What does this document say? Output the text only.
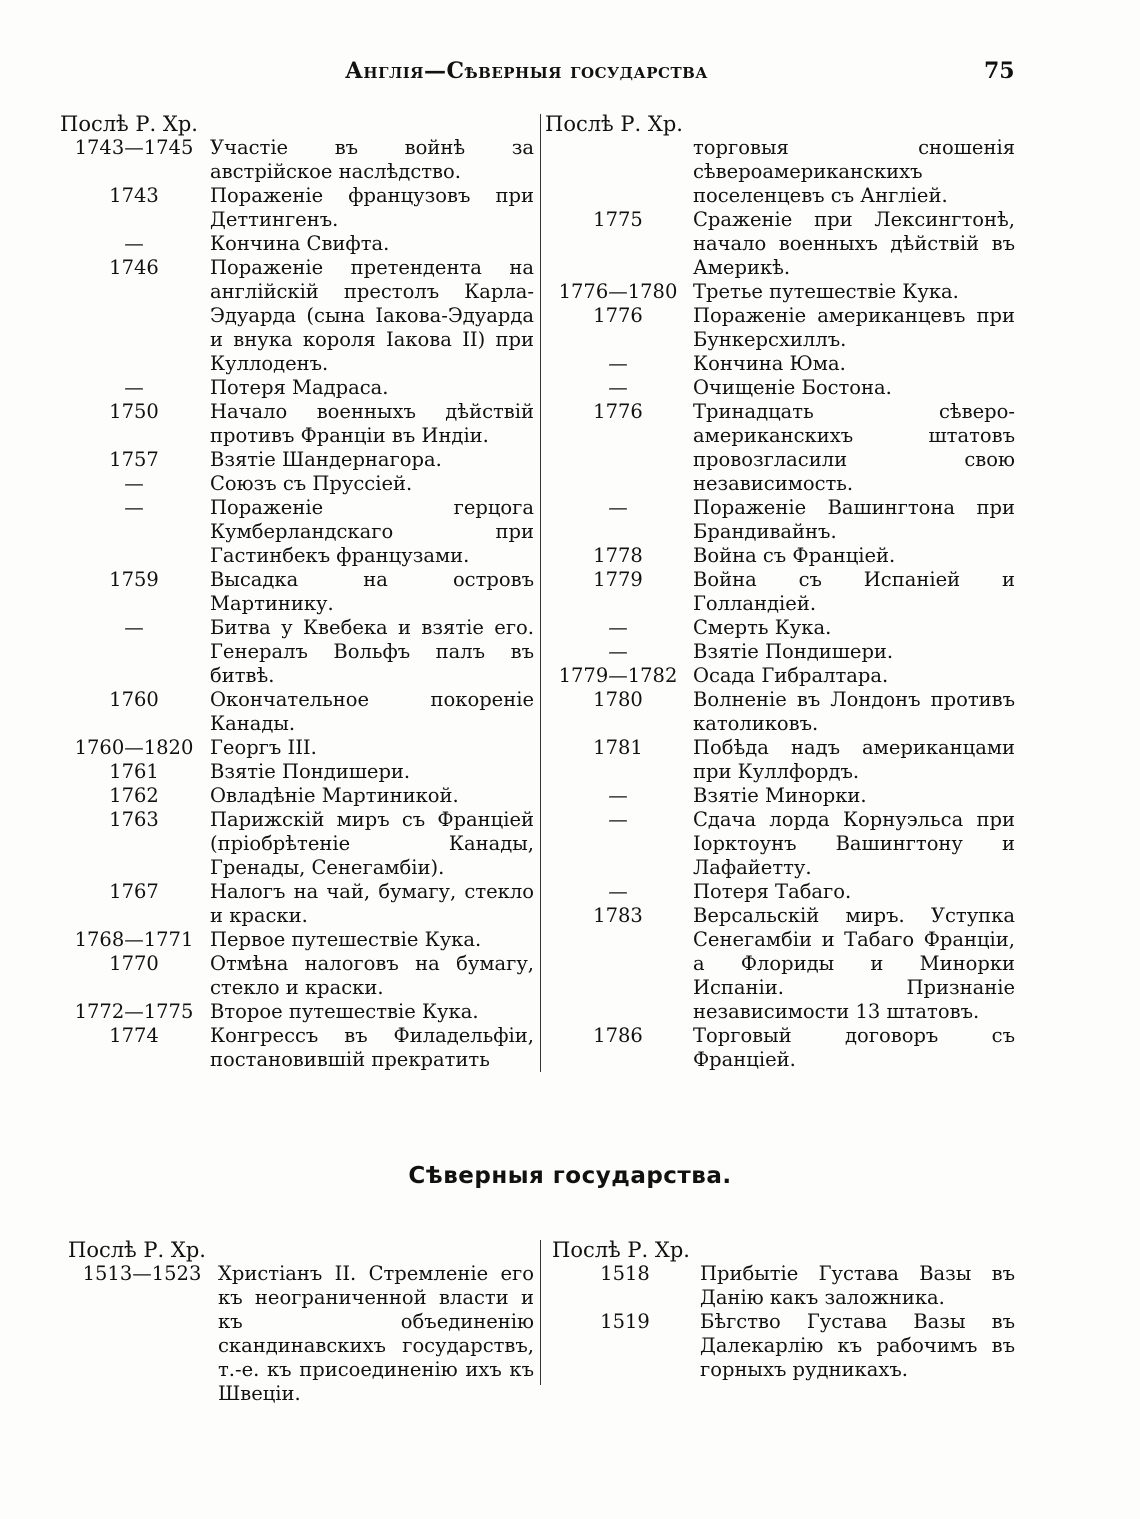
Англія—Сѣверныя государства	75
Послѣ Р. Хр.
1743—1745 Участіе въ войнѣ за австрійское наслѣдство.
1743	Пораженіе французовъ при Деттингенъ.
—	Кончина Свифта.
1746	Пораженіе претендента на англійскій престолъ Карла-Эдуарда (сына Іакова-Эдуарда и внука короля Іакова II) при Куллоденъ.
—	Потеря Мадраса.
1750	Начало военныхъ дѣйствій противъ Франціи въ Индіи.
1757	Взятіе Шандернагора.
—	Союзъ съ Пруссіей.
—	Пораженіе герцога Кумберландскаго при Гастинбекъ французами.
1759	Высадка на островъ Мартинику.
—	Битва у Квебека и взятіе его. Генералъ Вольфъ палъ въ битвѣ.
1760	Окончательное покореніе Канады.
1760—1820 Георгъ III.
1761	Взятіе Пондишери.
1762	Овладѣніе Мартиникой.
1763	Парижскій миръ съ Франціей (пріобрѣтеніе Канады, Гренады, Сенегамбіи).
1767	Налогъ на чай, бумагу, стекло и краски.
1768—1771 Первое путешествіе Кука.
1770	Отмѣна налоговъ на бумагу, стекло и краски.
1772—1775 Второе путешествіе Кука.
1774	Конгрессъ въ Филадельфіи, постановившій прекратить
Послѣ Р. Хр.
торговыя сношенія сѣвероамериканскихъ поселенцевъ съ Англіей.
1775	Сраженіе при Лексингтонѣ, начало военныхъ дѣйствій въ Америкѣ.
1776—1780 Третье путешествіе Кука.
1776	Пораженіе американцевъ при Бункерсхиллъ.
—	Кончина Юма.
—	Очищеніе Бостона.
1776	Тринадцать сѣверо-американскихъ штатовъ провозгласили свою независимость.
—	Пораженіе Вашингтона при Брандивайнъ.
1778	Война съ Франціей.
1779	Война съ Испаніей и Голландіей.
—	Смерть Кука.
—	Взятіе Пондишери.
1779—1782 Осада Гибралтара.
1780	Волненіе въ Лондонъ противъ католиковъ.
1781	Побѣда надъ американцами при Куллфордъ.
—	Взятіе Минорки.
—	Сдача лорда Корнуэльса при Іорктоунъ Вашингтону и Лафайетту.
—	Потеря Табаго.
1783	Версальскій миръ. Уступка Сенегамбіи и Табаго Франціи, а Флориды и Минорки Испаніи. Признаніе независимости 13 штатовъ.
1786	Торговый договоръ съ Франціей.
Сѣверныя государства.
Послѣ Р. Хр.
1513—1523 Христіанъ II. Стремленіе его къ неограниченной власти и къ объединенію скандинавскихъ государствъ, т.-е. къ присоединенію ихъ къ Швеціи.
Послѣ Р. Хр.
1518	Прибытіе Густава Вазы въ Данію какъ заложника.
1519	Бѣгство Густава Вазы въ Далекарлію къ рабочимъ въ горныхъ рудникахъ.
